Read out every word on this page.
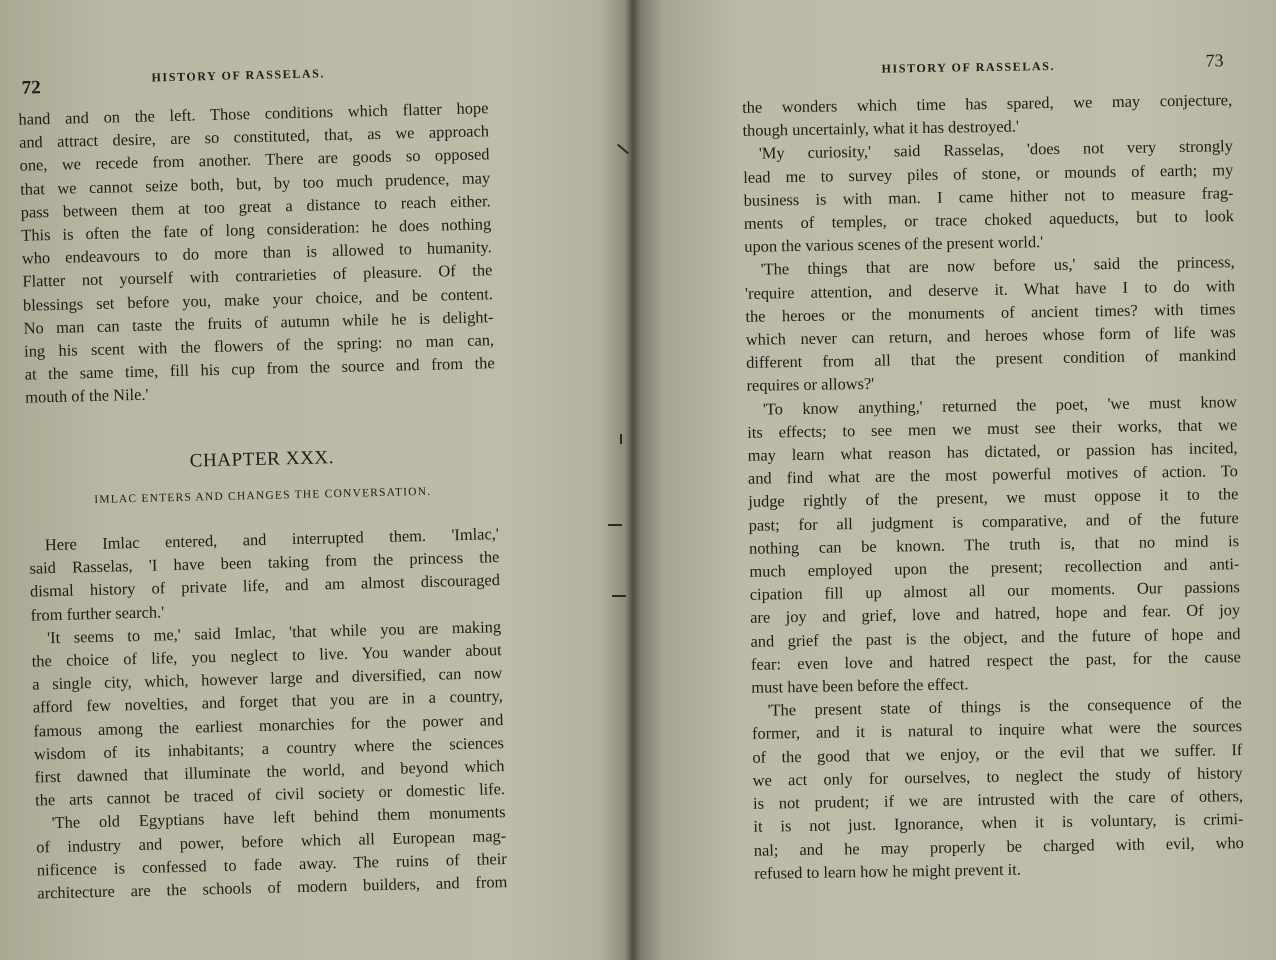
72
HISTORY OF RASSELAS.

hand and on the left. Those conditions which flatter hope
and attract desire, are so constituted, that, as we approach
one, we recede from another. There are goods so opposed
that we cannot seize both, but, by too much prudence, may
pass between them at too great a distance to reach either.
This is often the fate of long consideration: he does nothing
who endeavours to do more than is allowed to humanity.
Flatter not yourself with contrarieties of pleasure. Of the
blessings set before you, make your choice, and be content.
No man can taste the fruits of autumn while he is delight-
ing his scent with the flowers of the spring: no man can,
at the same time, fill his cup from the source and from the
mouth of the Nile.'

CHAPTER XXX.
IMLAC ENTERS AND CHANGES THE CONVERSATION.

Here Imlac entered, and interrupted them. 'Imlac,'
said Rasselas, 'I have been taking from the princess the
dismal history of private life, and am almost discouraged
from further search.'

'It seems to me,' said Imlac, 'that while you are making
the choice of life, you neglect to live. You wander about
a single city, which, however large and diversified, can now
afford few novelties, and forget that you are in a country,
famous among the earliest monarchies for the power and
wisdom of its inhabitants; a country where the sciences
first dawned that illuminate the world, and beyond which
the arts cannot be traced of civil society or domestic life.

'The old Egyptians have left behind them monuments
of industry and power, before which all European mag-
nificence is confessed to fade away. The ruins of their
architecture are the schools of modern builders, and from

HISTORY OF RASSELAS.	73

the wonders which time has spared, we may conjecture,
though uncertainly, what it has destroyed.'

'My curiosity,' said Rasselas, 'does not very strongly
lead me to survey piles of stone, or mounds of earth; my
business is with man. I came hither not to measure frag-
ments of temples, or trace choked aqueducts, but to look
upon the various scenes of the present world.'

'The things that are now before us,' said the princess,
'require attention, and deserve it. What have I to do with
the heroes or the monuments of ancient times? with times
which never can return, and heroes whose form of life was
different from all that the present condition of mankind
requires or allows?'

'To know anything,' returned the poet, 'we must know
its effects; to see men we must see their works, that we
may learn what reason has dictated, or passion has incited,
and find what are the most powerful motives of action. To
judge rightly of the present, we must oppose it to the
past; for all judgment is comparative, and of the future
nothing can be known. The truth is, that no mind is
much employed upon the present; recollection and anti-
cipation fill up almost all our moments. Our passions
are joy and grief, love and hatred, hope and fear. Of joy
and grief the past is the object, and the future of hope and
fear: even love and hatred respect the past, for the cause
must have been before the effect.

'The present state of things is the consequence of the
former, and it is natural to inquire what were the sources
of the good that we enjoy, or the evil that we suffer. If
we act only for ourselves, to neglect the study of history
is not prudent; if we are intrusted with the care of others,
it is not just. Ignorance, when it is voluntary, is crimi-
nal; and he may properly be charged with evil, who
refused to learn how he might prevent it.
